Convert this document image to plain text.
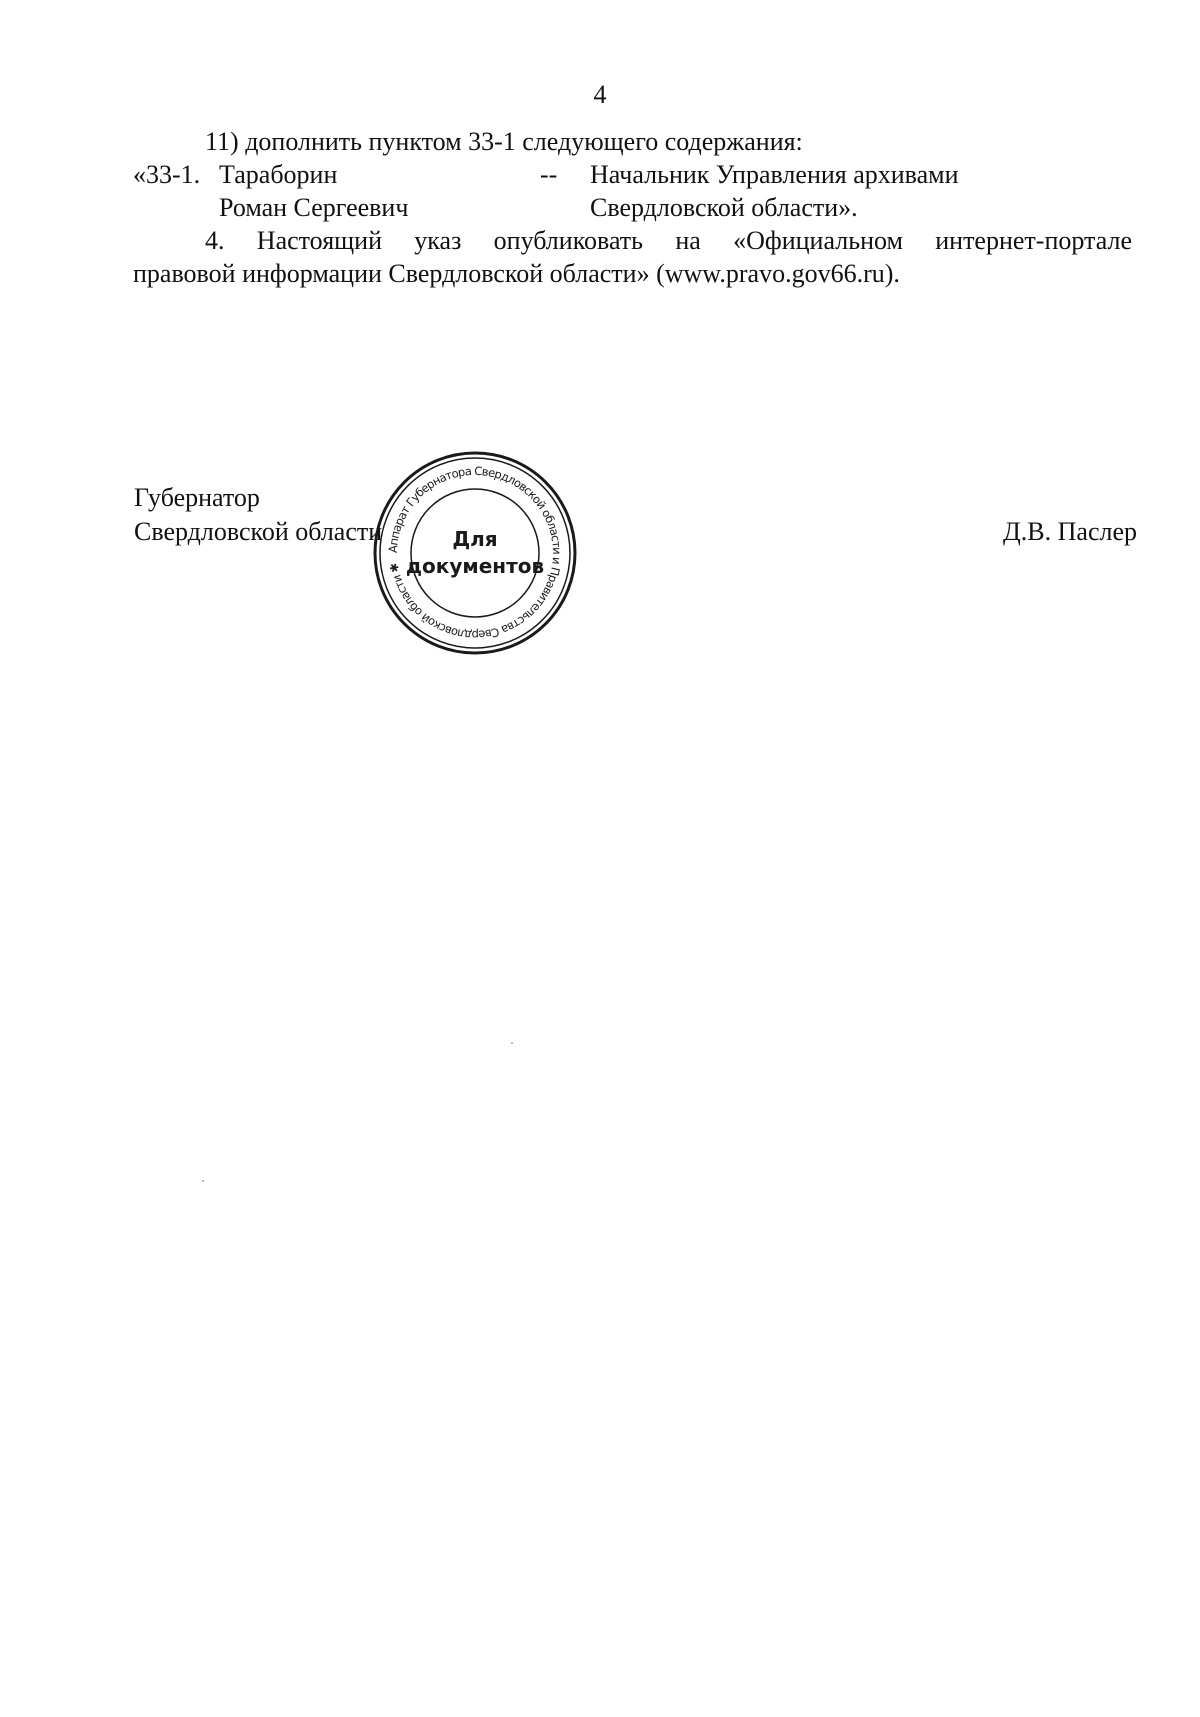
4
11) дополнить пунктом 33-1 следующего содержания:
«33-1. Тараборин
Роман Сергеевич
-- Начальник Управления архивами
Свердловской области».
4. Настоящий указ опубликовать на «Официальном интернет-портале
правовой информации Свердловской области» (www.pravo.gov66.ru).
Губернатор
Свердловской области
Аппарат Губернатора Свердловской области и Правительства Свердловской области ✱
Для
документов
Д.В. Паслер
